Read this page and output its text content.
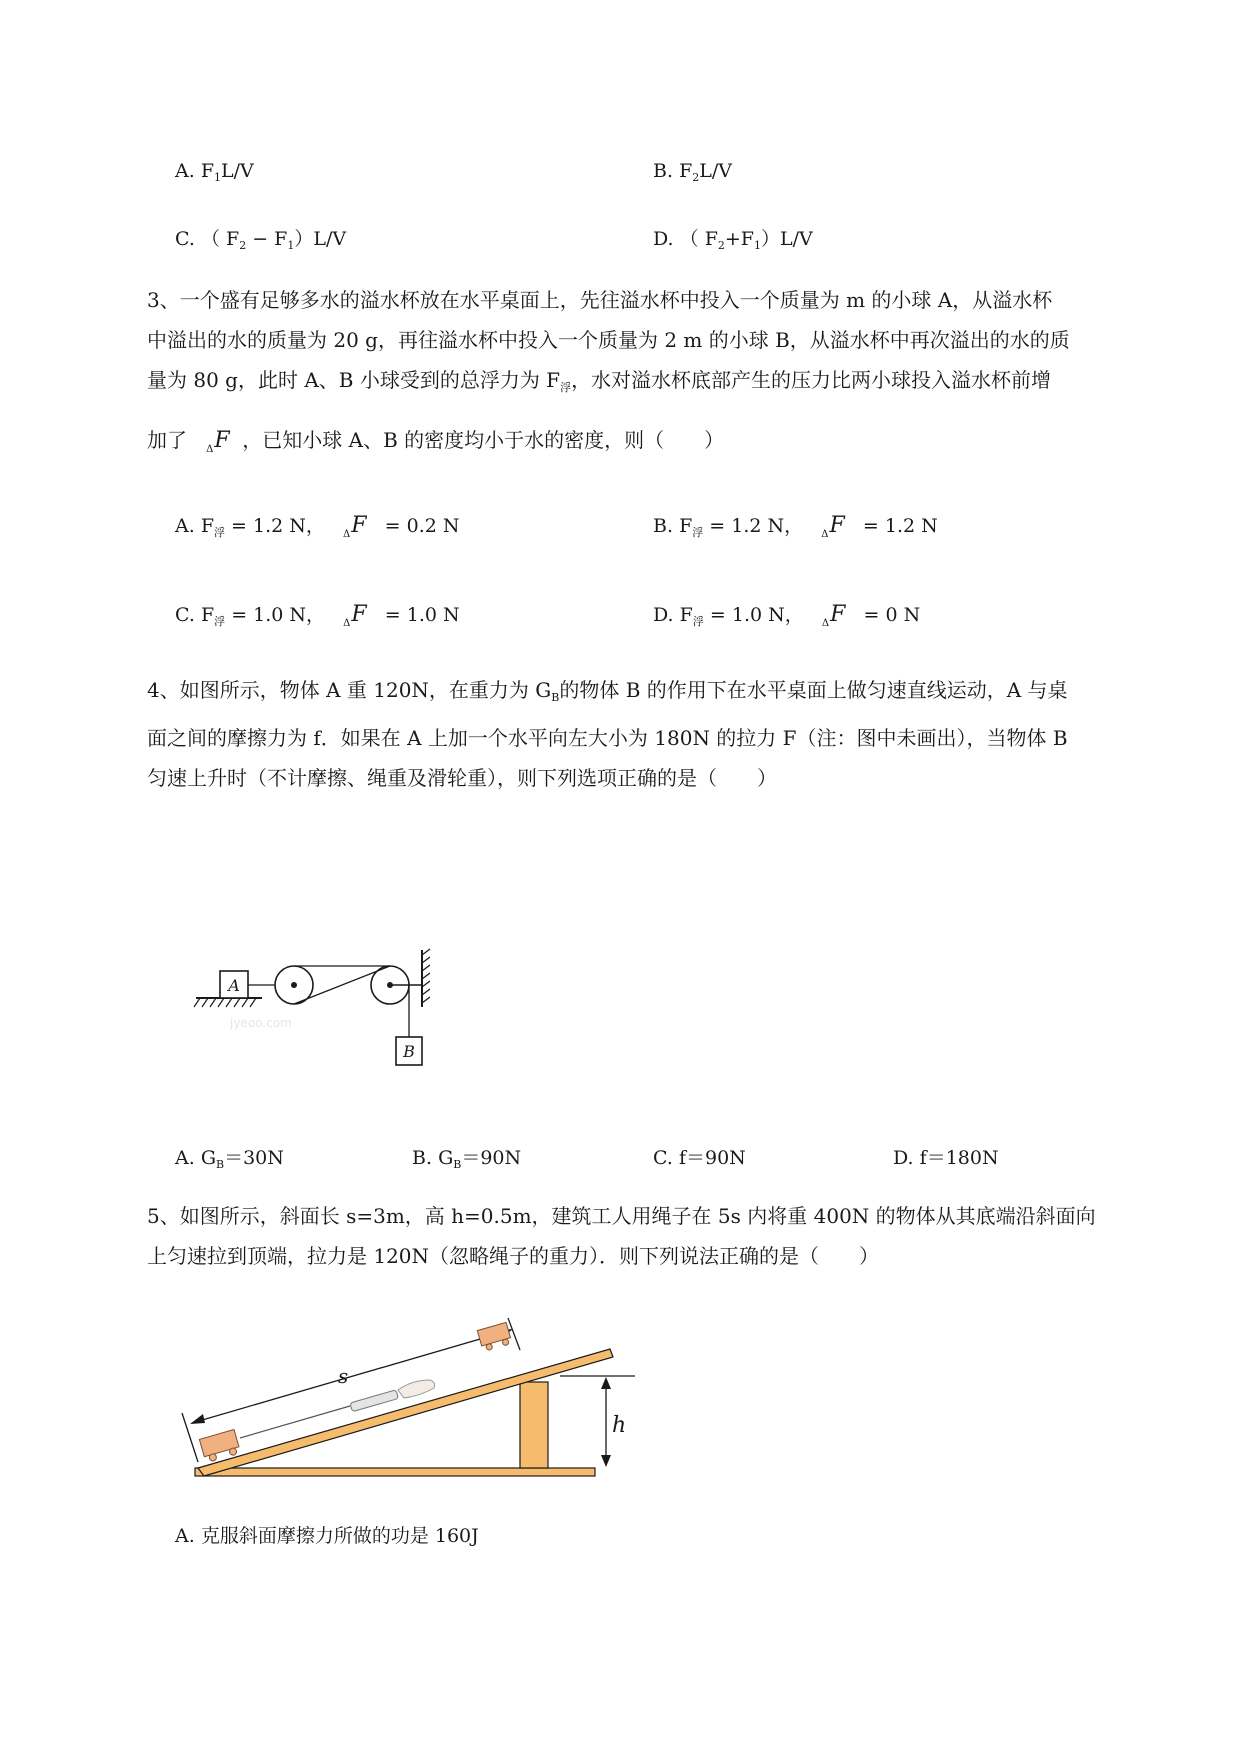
A. $F_1L/V$	B. $F_2L/V$
C. （ $F_2 - F_1)L/V$	D. （ $F_2+F_1)L/V$
3、一个盛有足够多水的溢水杯放在水平桌面上，先往溢水杯中投入一个质量为 m 的小球 A，从溢水杯
中溢出的水的质量为 20 g，再往溢水杯中投入一个质量为 2 m 的小球 B，从溢水杯中再次溢出的水的质
量为 80 g，此时 A、B 小球受到的总浮力为 $F_浮$，水对溢水杯底部产生的压力比两小球投入溢水杯前增
加了 $_\Delta$F ，已知小球 A、B 的密度均小于水的密度，则（　　）
A. $F_浮 = 1.2$ N， $_\Delta$F = 0.2 N	B. $F_浮 = 1.2$ N， $_\Delta$F = 1.2 N
C. $F_浮 = 1.0$ N， $_\Delta$F = 1.0 N	D. $F_浮 = 1.0$ N， $_\Delta$F = 0 N
4、如图所示，物体 A 重 120N，在重力为 $G_B$的物体 B 的作用下在水平桌面上做匀速直线运动，A 与桌
面之间的摩擦力为 f．如果在 A 上加一个水平向左大小为 180N 的拉力 F（注：图中未画出），当物体 B
匀速上升时（不计摩擦、绳重及滑轮重），则下列选项正确的是（　　）
A
B
jyeoo.com
A. $G_B=30N$	B. $G_B=90N$	C. f＝90N	D. f＝180N
5、如图所示，斜面长 s=3m，高 h=0.5m，建筑工人用绳子在 5s 内将重 400N 的物体从其底端沿斜面向
上匀速拉到顶端，拉力是 120N（忽略绳子的重力）．则下列说法正确的是（　　）
s
h
A. 克服斜面摩擦力所做的功是 160J
